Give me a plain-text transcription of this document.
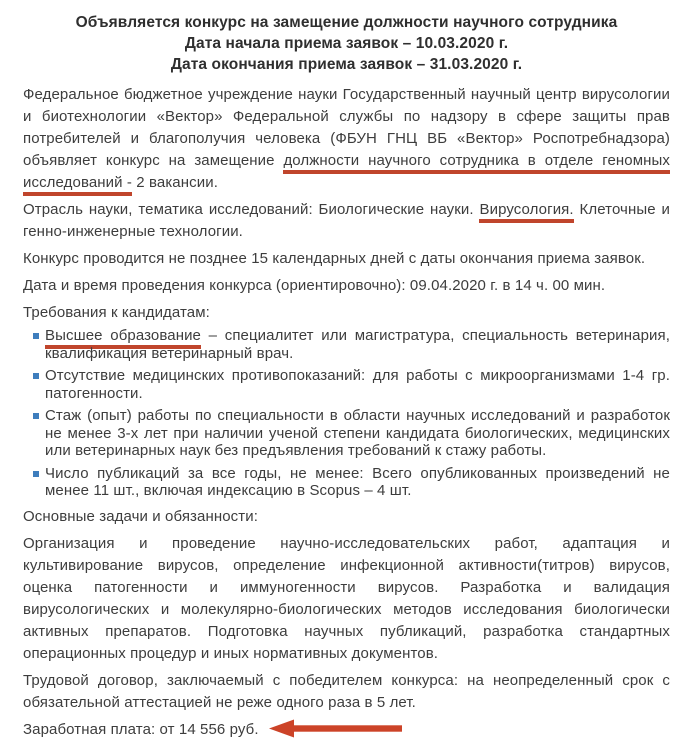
Объявляется конкурс на замещение должности научного сотрудника
Дата начала приема заявок – 10.03.2020 г.
Дата окончания приема заявок – 31.03.2020 г.

Федеральное бюджетное учреждение науки Государственный научный центр вирусологии и биотехнологии «Вектор» Федеральной службы по надзору в сфере защиты прав потребителей и благополучия человека (ФБУН ГНЦ ВБ «Вектор» Роспотребнадзора) объявляет конкурс на замещение должности научного сотрудника в отделе геномных исследований - 2 вакансии.

Отрасль науки, тематика исследований: Биологические науки. Вирусология. Клеточные и генно-инженерные технологии.

Конкурс проводится не позднее 15 календарных дней с даты окончания приема заявок.

Дата и время проведения конкурса (ориентировочно): 09.04.2020 г. в 14 ч. 00 мин.

Требования к кандидатам:

Высшее образование – специалитет или магистратура, специальность ветеринария, квалификация ветеринарный врач.
Отсутствие медицинских противопоказаний: для работы с микроорганизмами 1-4 гр. патогенности.
Стаж (опыт) работы по специальности в области научных исследований и разработок не менее 3-х лет при наличии ученой степени кандидата биологических, медицинских или ветеринарных наук без предъявления требований к стажу работы.
Число публикаций за все годы, не менее: Всего опубликованных произведений не менее 11 шт., включая индексацию в Scopus – 4 шт.

Основные задачи и обязанности:

Организация и проведение научно-исследовательских работ, адаптация и культивирование вирусов, определение инфекционной активности(титров) вирусов, оценка патогенности и иммуногенности вирусов. Разработка и валидация вирусологических и молекулярно-биологических методов исследования биологически активных препаратов. Подготовка научных публикаций, разработка стандартных операционных процедур и иных нормативных документов.

Трудовой договор, заключаемый с победителем конкурса: на неопределенный срок с обязательной аттестацией не реже одного раза в 5 лет.

Заработная плата: от 14 556 руб.
